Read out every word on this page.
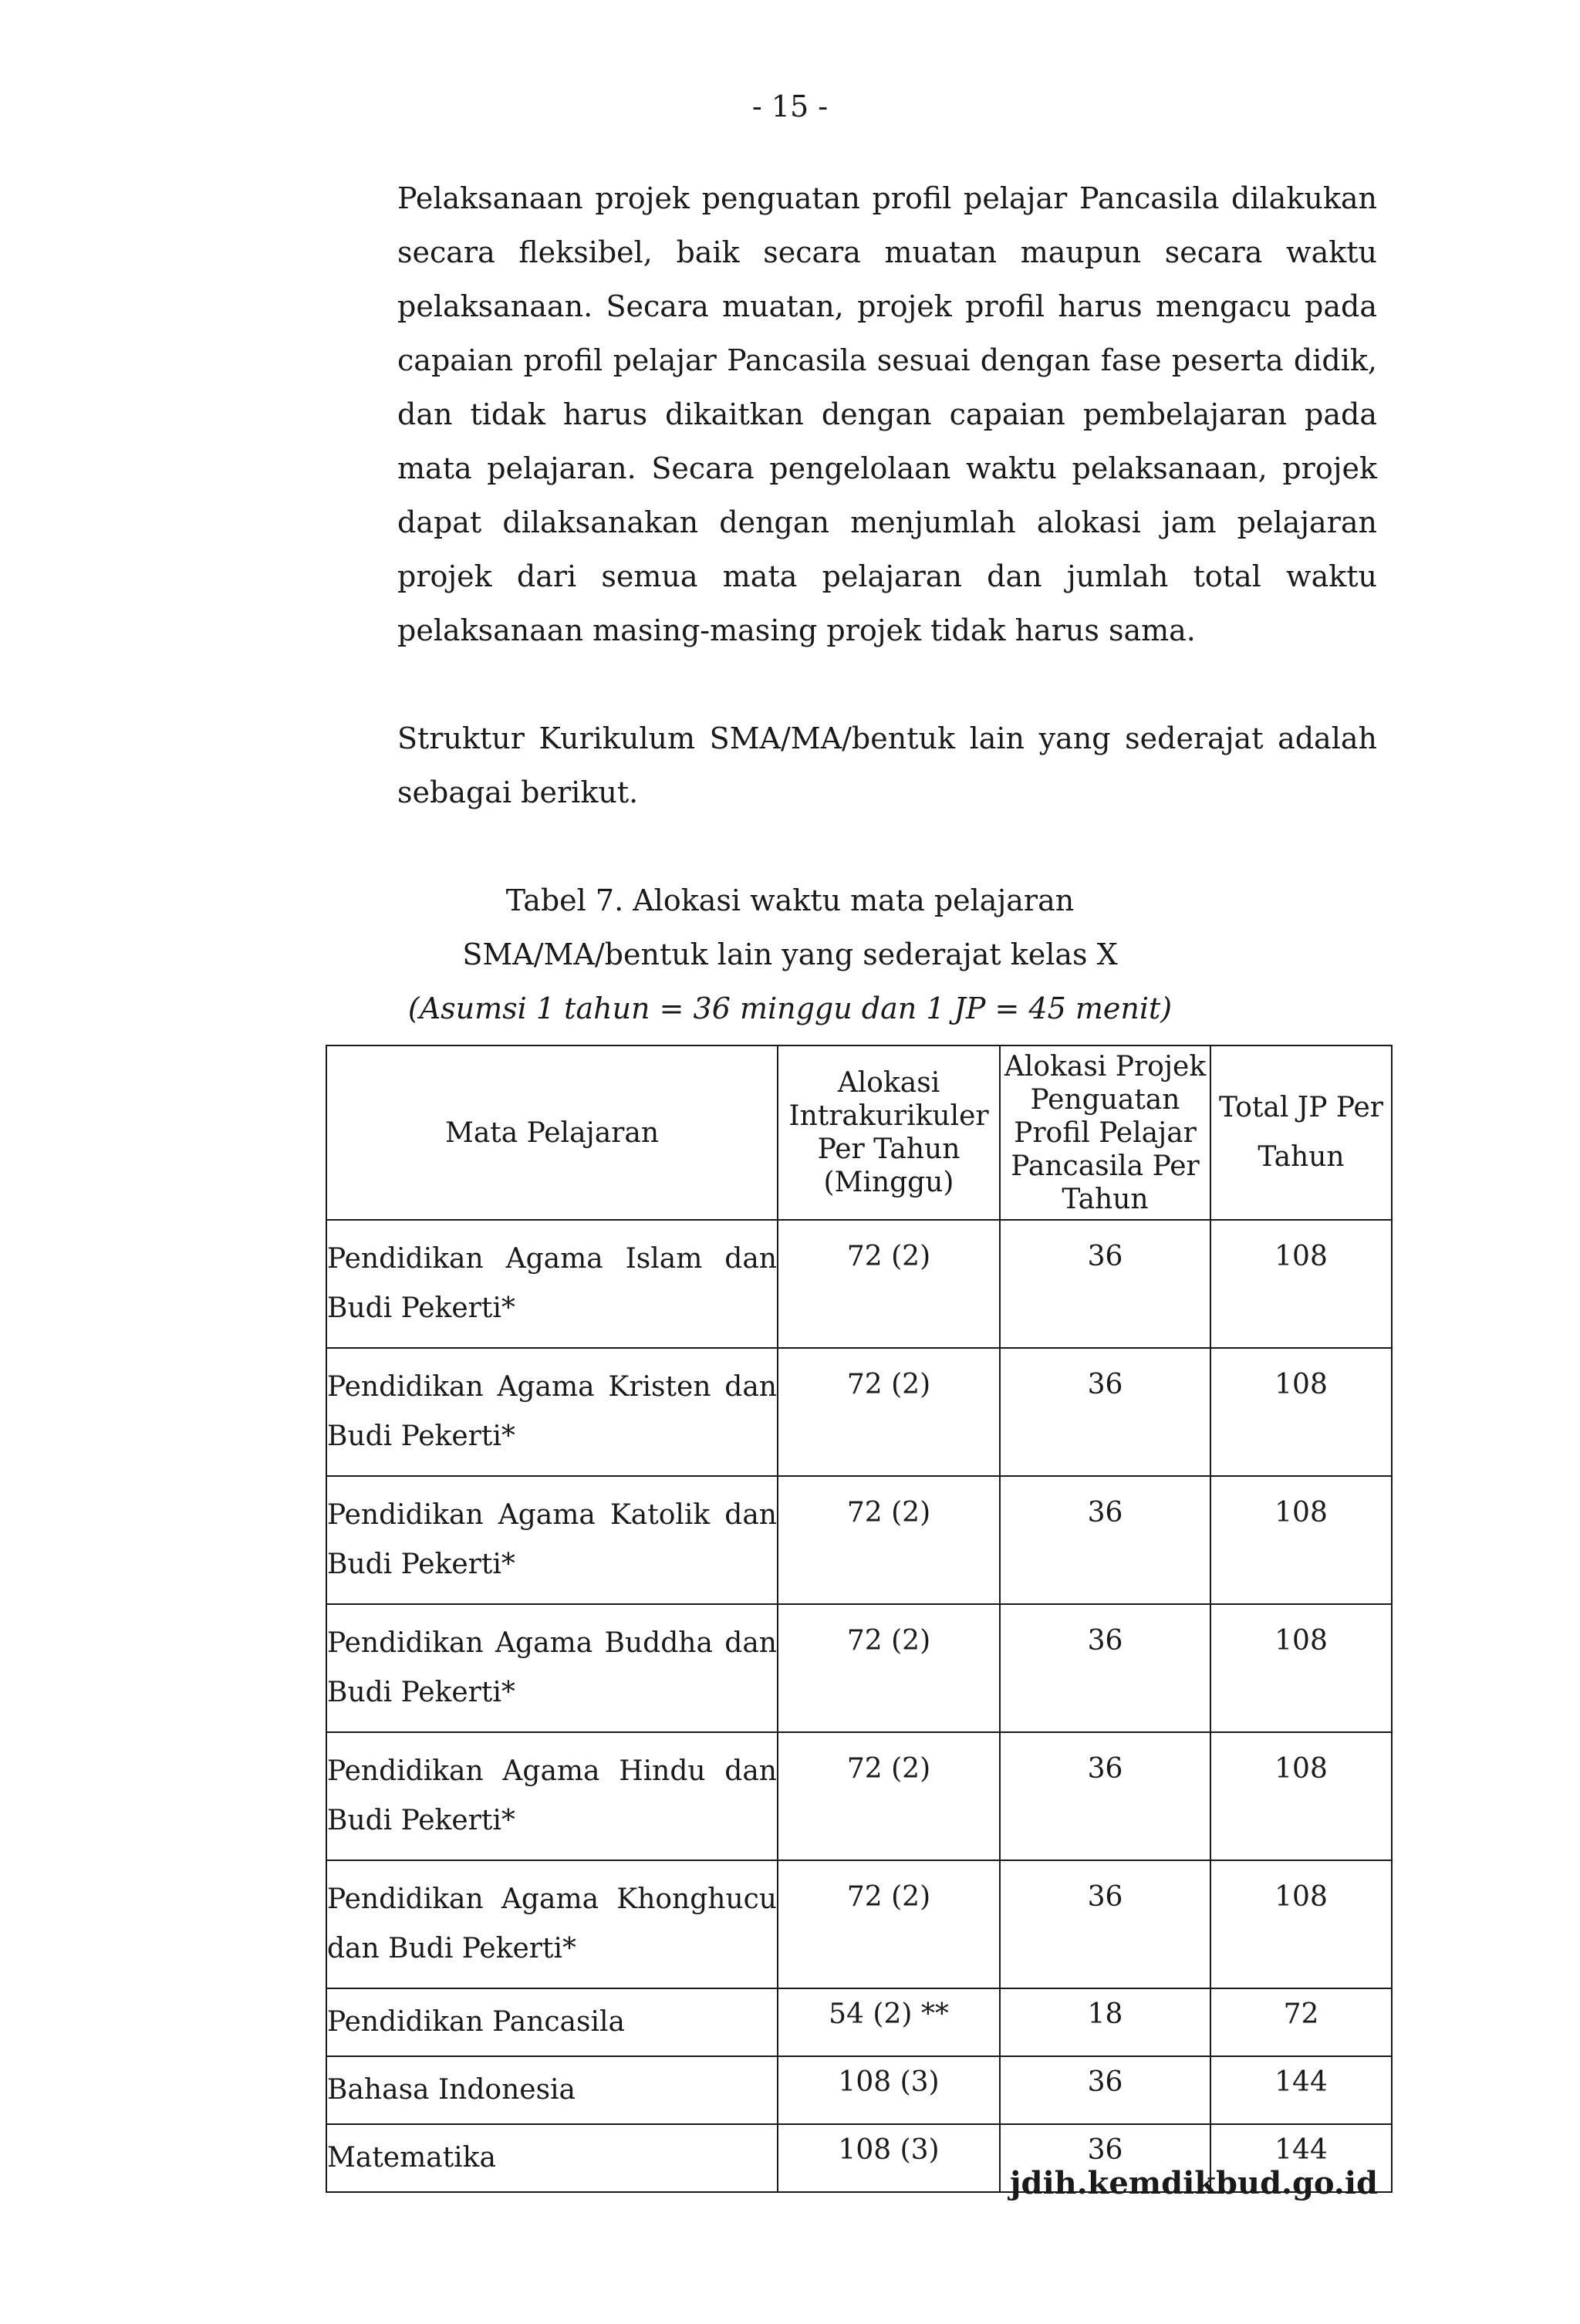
- 15 -

Pelaksanaan projek penguatan profil pelajar Pancasila dilakukan secara fleksibel, baik secara muatan maupun secara waktu pelaksanaan. Secara muatan, projek profil harus mengacu pada capaian profil pelajar Pancasila sesuai dengan fase peserta didik, dan tidak harus dikaitkan dengan capaian pembelajaran pada mata pelajaran. Secara pengelolaan waktu pelaksanaan, projek dapat dilaksanakan dengan menjumlah alokasi jam pelajaran projek dari semua mata pelajaran dan jumlah total waktu pelaksanaan masing-masing projek tidak harus sama.

Struktur Kurikulum SMA/MA/bentuk lain yang sederajat adalah sebagai berikut.

Tabel 7. Alokasi waktu mata pelajaran
SMA/MA/bentuk lain yang sederajat kelas X
(Asumsi 1 tahun = 36 minggu dan 1 JP = 45 menit)
Mata Pelajaran	Alokasi
Intrakurikuler
Per Tahun
(Minggu)	Alokasi Projek
Penguatan
Profil Pelajar
Pancasila Per
Tahun	Total JP Per
Tahun
Pendidikan Agama Islam dan Budi Pekerti*	72 (2)	36	108
Pendidikan Agama Kristen dan Budi Pekerti*	72 (2)	36	108
Pendidikan Agama Katolik dan Budi Pekerti*	72 (2)	36	108
Pendidikan Agama Buddha dan Budi Pekerti*	72 (2)	36	108
Pendidikan Agama Hindu dan Budi Pekerti*	72 (2)	36	108
Pendidikan Agama Khonghucu dan Budi Pekerti*	72 (2)	36	108
Pendidikan Pancasila	54 (2) **	18	72
Bahasa Indonesia	108 (3)	36	144
Matematika	108 (3)	36	144
jdih.kemdikbud.go.id
